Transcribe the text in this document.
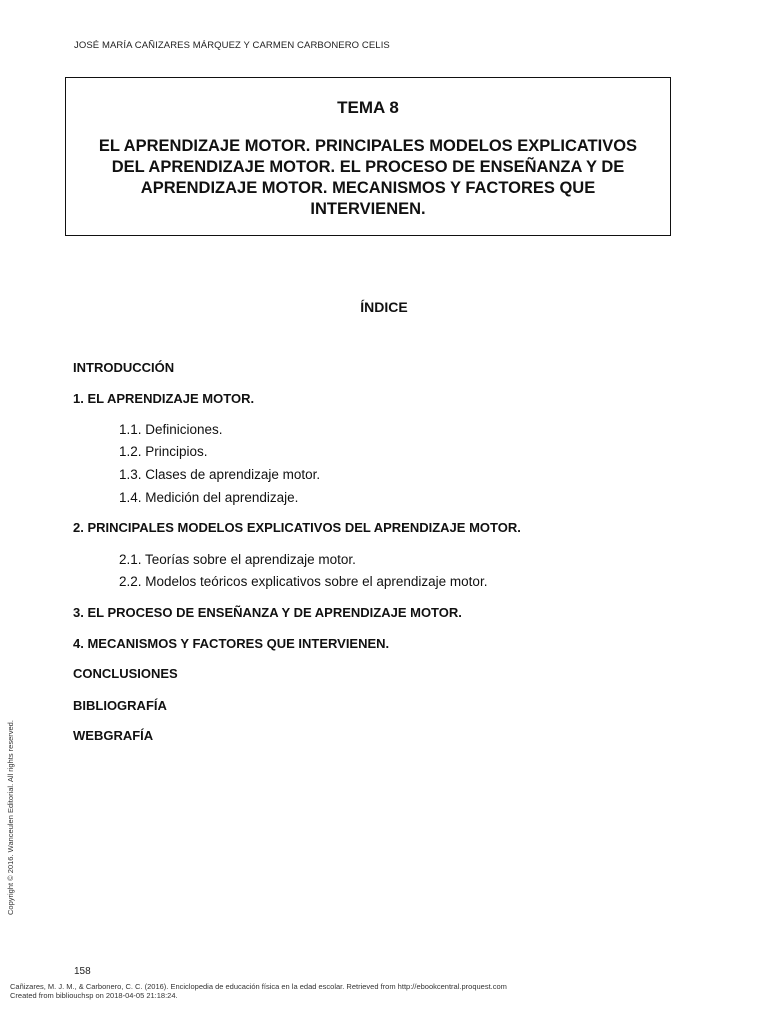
JOSÉ MARÍA CAÑIZARES MÁRQUEZ Y CARMEN CARBONERO CELIS
TEMA 8
EL APRENDIZAJE MOTOR. PRINCIPALES MODELOS EXPLICATIVOS
DEL APRENDIZAJE MOTOR. EL PROCESO DE ENSEÑANZA Y DE
APRENDIZAJE MOTOR. MECANISMOS Y FACTORES QUE
INTERVIENEN.
ÍNDICE
INTRODUCCIÓN
1. EL APRENDIZAJE MOTOR.
1.1. Definiciones.
1.2. Principios.
1.3. Clases de aprendizaje motor.
1.4. Medición del aprendizaje.
2. PRINCIPALES MODELOS EXPLICATIVOS DEL APRENDIZAJE MOTOR.
2.1. Teorías sobre el aprendizaje motor.
2.2. Modelos teóricos explicativos sobre el aprendizaje motor.
3. EL PROCESO DE ENSEÑANZA Y DE APRENDIZAJE MOTOR.
4. MECANISMOS Y FACTORES QUE INTERVIENEN.
CONCLUSIONES
BIBLIOGRAFÍA
WEBGRAFÍA
Copyright © 2016. Wanceulen Editorial. All rights reserved.
158
Cañizares, M. J. M., & Carbonero, C. C. (2016). Enciclopedia de educación física en la edad escolar. Retrieved from http://ebookcentral.proquest.com
Created from bibliouchsp on 2018-04-05 21:18:24.
